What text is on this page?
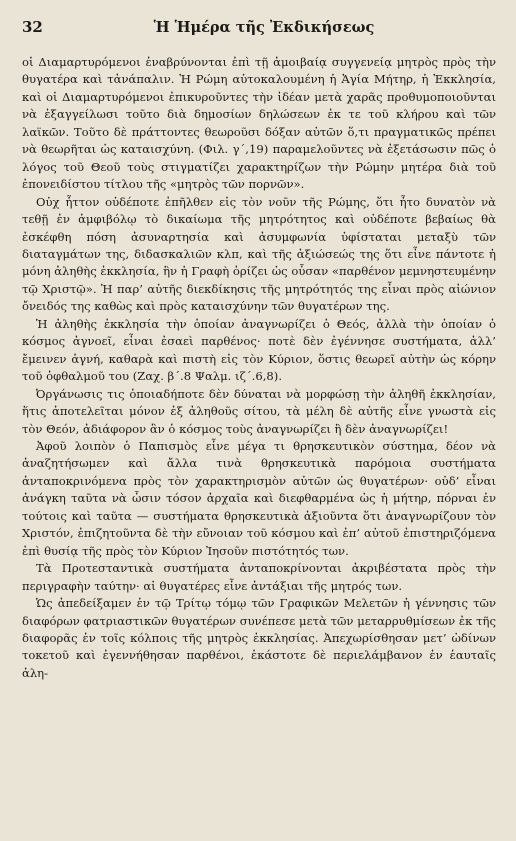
32	Ἡ Ἡμέρα τῆς Ἐκδικήσεως

οἱ Διαμαρτυρόμενοι ἐναβρύνονται ἐπὶ τῇ ἀμοιβαίᾳ συγγενείᾳ μητρὸς πρὸς τὴν θυγατέρα καὶ τἀνάπαλιν. Ἡ Ρώμη αὐτοκαλουμένη ἡ Ἁγία Μήτηρ, ἡ Ἐκκλησία, καὶ οἱ Διαμαρτυρόμενοι ἐπικυροῦντες τὴν ἰδέαν μετὰ χαρᾶς προθυμοποιοῦνται νὰ ἐξαγγείλωσι τοῦτο διὰ δημοσίων δηλώσεων ἐκ τε τοῦ κλήρου καὶ τῶν λαϊκῶν. Τοῦτο δὲ πράττοντες θεωροῦσι δόξαν αὐτῶν ὅ,τι πραγματικῶς πρέπει νὰ θεωρῆται ὡς καταισχύνη. (Φιλ. γ΄,19) παραμελοῦντες νὰ ἐξετάσωσιν πῶς ὁ λόγος τοῦ Θεοῦ τοὺς στιγματίζει χαρακτηρίζων τὴν Ρώμην μητέρα διὰ τοῦ ἐπονειδίστου τίτλου τῆς «μητρὸς τῶν πορνῶν».

Οὐχ ἧττον οὐδέποτε ἐπῆλθεν εἰς τὸν νοῦν τῆς Ρώμης, ὅτι ἦτο δυνατὸν νὰ τεθῇ ἐν ἀμφιβόλῳ τὸ δικαίωμα τῆς μητρότητος καὶ οὐδέποτε βεβαίως θὰ ἐσκέφθη πόση ἀσυναρτησία καὶ ἀσυμφωνία ὑφίσταται μεταξὺ τῶν διαταγμάτων της, διδασκαλιῶν κλπ, καὶ τῆς ἀξιώσεώς της ὅτι εἶνε πάντοτε ἡ μόνη ἀληθὴς ἐκκλησία, ἣν ἡ Γραφὴ ὁρίζει ὡς οὖσαν «παρθένον μεμνηστευμένην τῷ Χριστῷ». Ἡ παρ’ αὐτῆς διεκδίκησις τῆς μητρότητός της εἶναι πρὸς αἰώνιον ὄνειδός της καθὼς καὶ πρὸς καταισχύνην τῶν θυγατέρων της.

Ἡ ἀληθὴς ἐκκλησία τὴν ὁποίαν ἀναγνωρίζει ὁ Θεός, ἀλλὰ τὴν ὁποίαν ὁ κόσμος ἀγνοεῖ, εἶναι ἐσαεὶ παρθένος· ποτὲ δὲν ἐγέννησε συστήματα, ἀλλ’ ἔμεινεν ἁγνή, καθαρὰ καὶ πιστὴ εἰς τὸν Κύριον, ὅστις θεωρεῖ αὐτὴν ὡς κόρην τοῦ ὀφθαλμοῦ του (Ζαχ. β΄.8 Ψαλμ. ιζ΄.6,8).

Ὀργάνωσις τις ὁποιαδήποτε δὲν δύναται νὰ μορφώσῃ τὴν ἀληθῆ ἐκκλησίαν, ἥτις ἀποτελεῖται μόνον ἐξ ἀληθοῦς σίτου, τὰ μέλη δὲ αὐτῆς εἶνε γνωστὰ εἰς τὸν Θεόν, ἀδιάφορον ἂν ὁ κόσμος τοὺς ἀναγνωρίζει ἢ δὲν ἀναγνωρίζει!

Ἀφοῦ λοιπὸν ὁ Παπισμὸς εἶνε μέγα τι θρησκευτικὸν σύστημα, δέον νὰ ἀναζητήσωμεν καὶ ἄλλα τινὰ θρησκευτικὰ παρόμοια συστήματα ἀνταποκρινόμενα πρὸς τὸν χαρακτηρισμὸν αὐτῶν ὡς θυγατέρων· οὐδ’ εἶναι ἀνάγκη ταῦτα νὰ ὦσιν τόσον ἀρχαῖα καὶ διεφθαρμένα ὡς ἡ μήτηρ, πόρναι ἐν τούτοις καὶ ταῦτα — συστήματα θρησκευτικὰ ἀξιοῦντα ὅτι ἀναγνωρίζουν τὸν Χριστόν, ἐπιζητοῦντα δὲ τὴν εὔνοιαν τοῦ κόσμου καὶ ἐπ’ αὐτοῦ ἐπιστηριζόμενα ἐπὶ θυσίᾳ τῆς πρὸς τὸν Κύριον Ἰησοῦν πιστότητός των.

Τὰ Προτεσταντικὰ συστήματα ἀνταποκρίνονται ἀκριβέστατα πρὸς τὴν περιγραφὴν ταύτην· αἱ θυγατέρες εἶνε ἀντάξιαι τῆς μητρός των.

Ὡς ἀπεδείξαμεν ἐν τῷ Τρίτῳ τόμῳ τῶν Γραφικῶν Μελετῶν ἡ γέννησις τῶν διαφόρων φατριαστικῶν θυγατέρων συνέπεσε μετὰ τῶν μεταρρυθμίσεων ἐκ τῆς διαφορᾶς ἐν τοῖς κόλποις τῆς μητρὸς ἐκκλησίας. Ἀπεχωρίσθησαν μετ’ ὠδίνων τοκετοῦ καὶ ἐγεννήθησαν παρθένοι, ἑκάστοτε δὲ περιελάμβανον ἐν ἑαυταῖς ἀλη-
